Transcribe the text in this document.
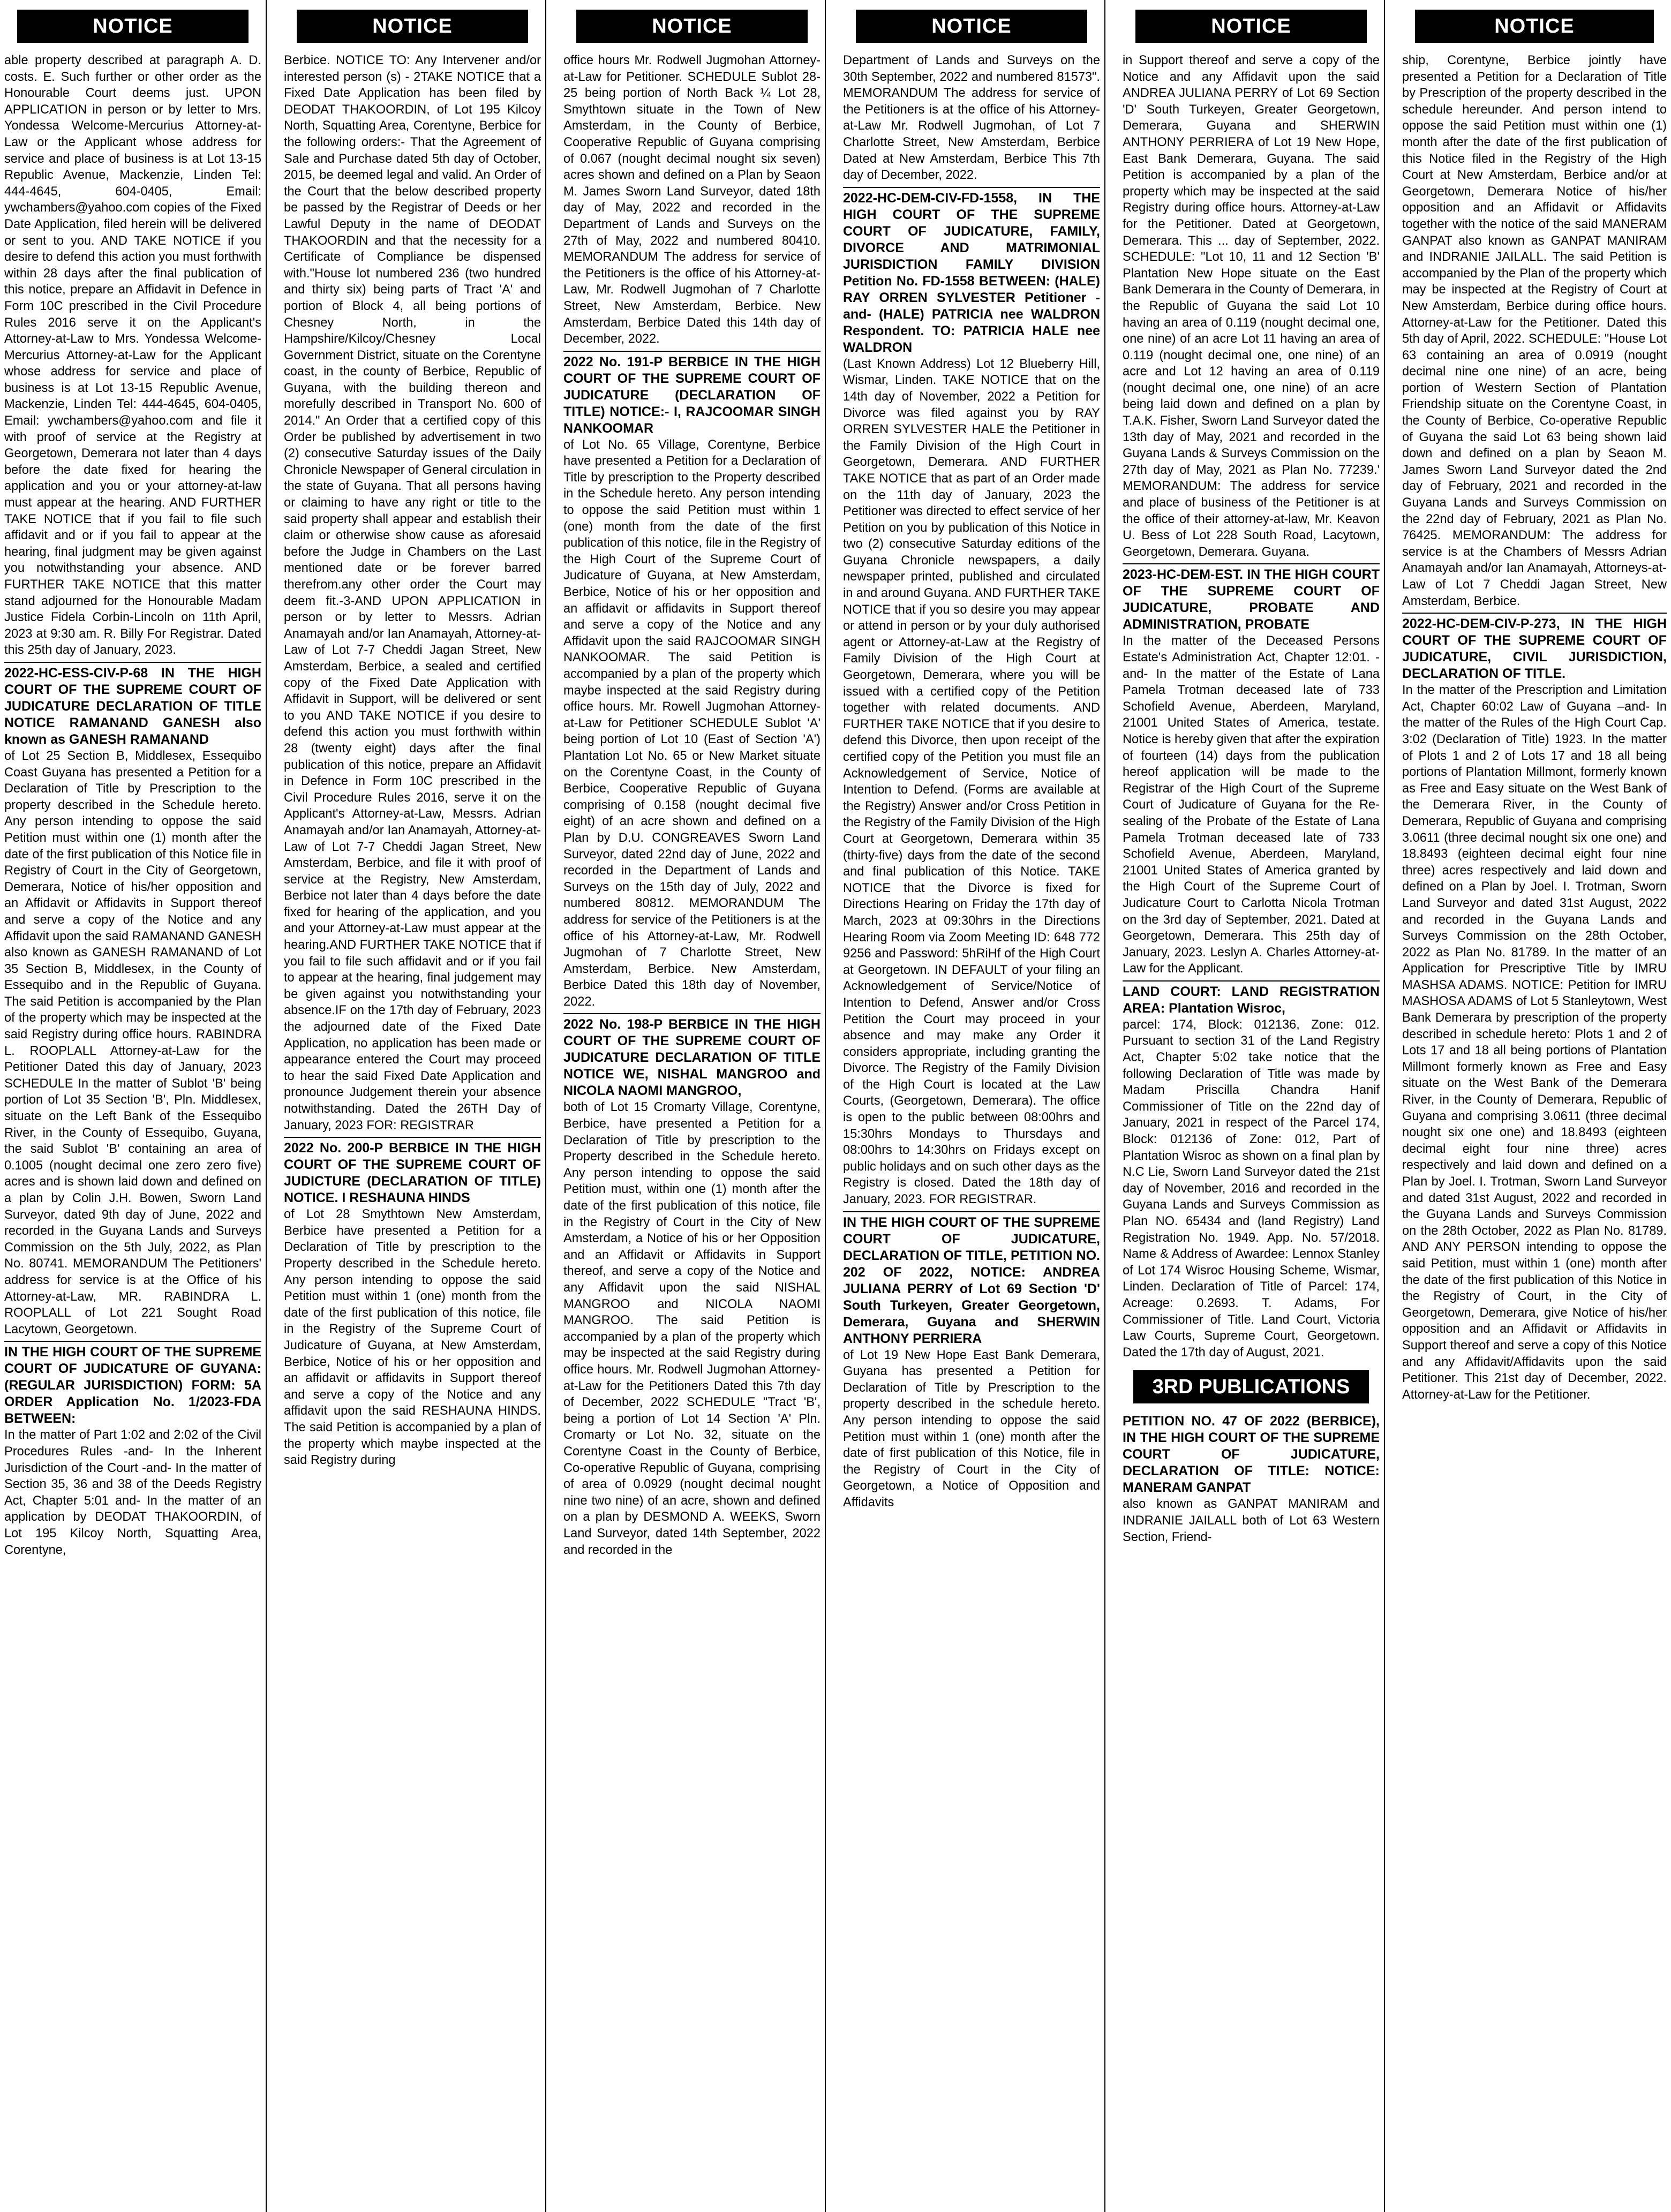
NOTICE

able property described at paragraph A. D. costs. E. Such further or other order as the Honourable Court deems just. UPON APPLICATION in person or by letter to Mrs. Yondessa Welcome-Mercurius Attorney-at-Law or the Applicant whose address for service and place of business is at Lot 13-15 Republic Avenue, Mackenzie, Linden Tel: 444-4645, 604-0405, Email: ywchambers@yahoo.com copies of the Fixed Date Application, filed herein will be delivered or sent to you. AND TAKE NOTICE if you desire to defend this action you must forthwith within 28 days after the final publication of this notice, prepare an Affidavit in Defence in Form 10C prescribed in the Civil Procedure Rules 2016 serve it on the Applicant's Attorney-at-Law to Mrs. Yondessa Welcome-Mercurius Attorney-at-Law for the Applicant whose address for service and place of business is at Lot 13-15 Republic Avenue, Mackenzie, Linden Tel: 444-4645, 604-0405, Email: ywchambers@yahoo.com and file it with proof of service at the Registry at Georgetown, Demerara not later than 4 days before the date fixed for hearing the application and you or your attorney-at-law must appear at the hearing. AND FURTHER TAKE NOTICE that if you fail to file such affidavit and or if you fail to appear at the hearing, final judgment may be given against you notwithstanding your absence. AND FURTHER TAKE NOTICE that this matter stand adjourned for the Honourable Madam Justice Fidela Corbin-Lincoln on 11th April, 2023 at 9:30 am. R. Billy For Registrar. Dated this 25th day of January, 2023.

2022-HC-ESS-CIV-P-68 IN THE HIGH COURT OF THE SUPREME COURT OF JUDICATURE DECLARATION OF TITLE NOTICE RAMANAND GANESH also known as GANESH RAMANAND

of Lot 25 Section B, Middlesex, Essequibo Coast Guyana has presented a Petition for a Declaration of Title by Prescription to the property described in the Schedule hereto. Any person intending to oppose the said Petition must within one (1) month after the date of the first publication of this Notice file in Registry of Court in the City of Georgetown, Demerara, Notice of his/her opposition and an Affidavit or Affidavits in Support thereof and serve a copy of the Notice and any Affidavit upon the said RAMANAND GANESH also known as GANESH RAMANAND of Lot 35 Section B, Middlesex, in the County of Essequibo and in the Republic of Guyana. The said Petition is accompanied by the Plan of the property which may be inspected at the said Registry during office hours. RABINDRA L. ROOPLALL Attorney-at-Law for the Petitioner Dated this day of January, 2023 SCHEDULE In the matter of Sublot 'B' being portion of Lot 35 Section 'B', Pln. Middlesex, situate on the Left Bank of the Essequibo River, in the County of Essequibo, Guyana, the said Sublot 'B' containing an area of 0.1005 (nought decimal one zero zero five) acres and is shown laid down and defined on a plan by Colin J.H. Bowen, Sworn Land Surveyor, dated 9th day of June, 2022 and recorded in the Guyana Lands and Surveys Commission on the 5th July, 2022, as Plan No. 80741. MEMORANDUM The Petitioners' address for service is at the Office of his Attorney-at-Law, MR. RABINDRA L. ROOPLALL of Lot 221 Sought Road Lacytown, Georgetown.

IN THE HIGH COURT OF THE SUPREME COURT OF JUDICATURE OF GUYANA: (REGULAR JURISDICTION) FORM: 5A ORDER Application No. 1/2023-FDA BETWEEN:

In the matter of Part 1:02 and 2:02 of the Civil Procedures Rules -and- In the Inherent Jurisdiction of the Court -and- In the matter of Section 35, 36 and 38 of the Deeds Registry Act, Chapter 5:01 and- In the matter of an application by DEODAT THAKOORDIN, of Lot 195 Kilcoy North, Squatting Area, Corentyne,

NOTICE

Berbice. NOTICE TO: Any Intervener and/or interested person (s) - 2TAKE NOTICE that a Fixed Date Application has been filed by DEODAT THAKOORDIN, of Lot 195 Kilcoy North, Squatting Area, Corentyne, Berbice for the following orders:- That the Agreement of Sale and Purchase dated 5th day of October, 2015, be deemed legal and valid. An Order of the Court that the below described property be passed by the Registrar of Deeds or her Lawful Deputy in the name of DEODAT THAKOORDIN and that the necessity for a Certificate of Compliance be dispensed with."House lot numbered 236 (two hundred and thirty six) being parts of Tract 'A' and portion of Block 4, all being portions of Chesney North, in the Hampshire/Kilcoy/Chesney Local Government District, situate on the Corentyne coast, in the county of Berbice, Republic of Guyana, with the building thereon and morefully described in Transport No. 600 of 2014." An Order that a certified copy of this Order be published by advertisement in two (2) consecutive Saturday issues of the Daily Chronicle Newspaper of General circulation in the state of Guyana. That all persons having or claiming to have any right or title to the said property shall appear and establish their claim or otherwise show cause as aforesaid before the Judge in Chambers on the Last mentioned date or be forever barred therefrom.any other order the Court may deem fit.-3-AND UPON APPLICATION in person or by letter to Messrs. Adrian Anamayah and/or Ian Anamayah, Attorney-at-Law of Lot 7-7 Cheddi Jagan Street, New Amsterdam, Berbice, a sealed and certified copy of the Fixed Date Application with Affidavit in Support, will be delivered or sent to you AND TAKE NOTICE if you desire to defend this action you must forthwith within 28 (twenty eight) days after the final publication of this notice, prepare an Affidavit in Defence in Form 10C prescribed in the Civil Procedure Rules 2016, serve it on the Applicant's Attorney-at-Law, Messrs. Adrian Anamayah and/or Ian Anamayah, Attorney-at-Law of Lot 7-7 Cheddi Jagan Street, New Amsterdam, Berbice, and file it with proof of service at the Registry, New Amsterdam, Berbice not later than 4 days before the date fixed for hearing of the application, and you and your Attorney-at-Law must appear at the hearing.AND FURTHER TAKE NOTICE that if you fail to file such affidavit and or if you fail to appear at the hearing, final judgement may be given against you notwithstanding your absence.IF on the 17th day of February, 2023 the adjourned date of the Fixed Date Application, no application has been made or appearance entered the Court may proceed to hear the said Fixed Date Application and pronounce Judgement therein your absence notwithstanding. Dated the 26TH Day of January, 2023 FOR: REGISTRAR

2022 No. 200-P BERBICE IN THE HIGH COURT OF THE SUPREME COURT OF JUDICTURE (DECLARATION OF TITLE) NOTICE. I RESHAUNA HINDS

of Lot 28 Smythtown New Amsterdam, Berbice have presented a Petition for a Declaration of Title by prescription to the Property described in the Schedule hereto. Any person intending to oppose the said Petition must within 1 (one) month from the date of the first publication of this notice, file in the Registry of the Supreme Court of Judicature of Guyana, at New Amsterdam, Berbice, Notice of his or her opposition and an affidavit or affidavits in Support thereof and serve a copy of the Notice and any affidavit upon the said RESHAUNA HINDS. The said Petition is accompanied by a plan of the property which maybe inspected at the said Registry during

NOTICE

office hours Mr. Rodwell Jugmohan Attorney-at-Law for Petitioner. SCHEDULE Sublot 28-25 being portion of North Back ¼ Lot 28, Smythtown situate in the Town of New Amsterdam, in the County of Berbice, Cooperative Republic of Guyana comprising of 0.067 (nought decimal nought six seven) acres shown and defined on a Plan by Seaon M. James Sworn Land Surveyor, dated 18th day of May, 2022 and recorded in the Department of Lands and Surveys on the 27th of May, 2022 and numbered 80410. MEMORANDUM The address for service of the Petitioners is the office of his Attorney-at-Law, Mr. Rodwell Jugmohan of 7 Charlotte Street, New Amsterdam, Berbice. New Amsterdam, Berbice Dated this 14th day of December, 2022.

2022 No. 191-P BERBICE IN THE HIGH COURT OF THE SUPREME COURT OF JUDICATURE (DECLARATION OF TITLE) NOTICE:- I, RAJCOOMAR SINGH NANKOOMAR

of Lot No. 65 Village, Corentyne, Berbice have presented a Petition for a Declaration of Title by prescription to the Property described in the Schedule hereto. Any person intending to oppose the said Petition must within 1 (one) month from the date of the first publication of this notice, file in the Registry of the High Court of the Supreme Court of Judicature of Guyana, at New Amsterdam, Berbice, Notice of his or her opposition and an affidavit or affidavits in Support thereof and serve a copy of the Notice and any Affidavit upon the said RAJCOOMAR SINGH NANKOOMAR. The said Petition is accompanied by a plan of the property which maybe inspected at the said Registry during office hours. Mr. Rowell Jugmohan Attorney-at-Law for Petitioner SCHEDULE Sublot 'A' being portion of Lot 10 (East of Section 'A') Plantation Lot No. 65 or New Market situate on the Corentyne Coast, in the County of Berbice, Cooperative Republic of Guyana comprising of 0.158 (nought decimal five eight) of an acre shown and defined on a Plan by D.U. CONGREAVES Sworn Land Surveyor, dated 22nd day of June, 2022 and recorded in the Department of Lands and Surveys on the 15th day of July, 2022 and numbered 80812. MEMORANDUM The address for service of the Petitioners is at the office of his Attorney-at-Law, Mr. Rodwell Jugmohan of 7 Charlotte Street, New Amsterdam, Berbice. New Amsterdam, Berbice Dated this 18th day of November, 2022.

2022 No. 198-P BERBICE IN THE HIGH COURT OF THE SUPREME COURT OF JUDICATURE DECLARATION OF TITLE NOTICE WE, NISHAL MANGROO and NICOLA NAOMI MANGROO,

both of Lot 15 Cromarty Village, Corentyne, Berbice, have presented a Petition for a Declaration of Title by prescription to the Property described in the Schedule hereto. Any person intending to oppose the said Petition must, within one (1) month after the date of the first publication of this notice, file in the Registry of Court in the City of New Amsterdam, a Notice of his or her Opposition and an Affidavit or Affidavits in Support thereof, and serve a copy of the Notice and any Affidavit upon the said NISHAL MANGROO and NICOLA NAOMI MANGROO. The said Petition is accompanied by a plan of the property which may be inspected at the said Registry during office hours. Mr. Rodwell Jugmohan Attorney-at-Law for the Petitioners Dated this 7th day of December, 2022 SCHEDULE "Tract 'B', being a portion of Lot 14 Section 'A' Pln. Cromarty or Lot No. 32, situate on the Corentyne Coast in the County of Berbice, Co-operative Republic of Guyana, comprising of area of 0.0929 (nought decimal nought nine two nine) of an acre, shown and defined on a plan by DESMOND A. WEEKS, Sworn Land Surveyor, dated 14th September, 2022 and recorded in the

NOTICE

Department of Lands and Surveys on the 30th September, 2022 and numbered 81573". MEMORANDUM The address for service of the Petitioners is at the office of his Attorney-at-Law Mr. Rodwell Jugmohan, of Lot 7 Charlotte Street, New Amsterdam, Berbice Dated at New Amsterdam, Berbice This 7th day of December, 2022.

2022-HC-DEM-CIV-FD-1558, IN THE HIGH COURT OF THE SUPREME COURT OF JUDICATURE, FAMILY, DIVORCE AND MATRIMONIAL JURISDICTION FAMILY DIVISION Petition No. FD-1558 BETWEEN: (HALE) RAY ORREN SYLVESTER Petitioner -and- (HALE) PATRICIA nee WALDRON Respondent. TO: PATRICIA HALE nee WALDRON

(Last Known Address) Lot 12 Blueberry Hill, Wismar, Linden. TAKE NOTICE that on the 14th day of November, 2022 a Petition for Divorce was filed against you by RAY ORREN SYLVESTER HALE the Petitioner in the Family Division of the High Court in Georgetown, Demerara. AND FURTHER TAKE NOTICE that as part of an Order made on the 11th day of January, 2023 the Petitioner was directed to effect service of her Petition on you by publication of this Notice in two (2) consecutive Saturday editions of the Guyana Chronicle newspapers, a daily newspaper printed, published and circulated in and around Guyana. AND FURTHER TAKE NOTICE that if you so desire you may appear or attend in person or by your duly authorised agent or Attorney-at-Law at the Registry of Family Division of the High Court at Georgetown, Demerara, where you will be issued with a certified copy of the Petition together with related documents. AND FURTHER TAKE NOTICE that if you desire to defend this Divorce, then upon receipt of the certified copy of the Petition you must file an Acknowledgement of Service, Notice of Intention to Defend. (Forms are available at the Registry) Answer and/or Cross Petition in the Registry of the Family Division of the High Court at Georgetown, Demerara within 35 (thirty-five) days from the date of the second and final publication of this Notice. TAKE NOTICE that the Divorce is fixed for Directions Hearing on Friday the 17th day of March, 2023 at 09:30hrs in the Directions Hearing Room via Zoom Meeting ID: 648 772 9256 and Password: 5hRiHf of the High Court at Georgetown. IN DEFAULT of your filing an Acknowledgement of Service/Notice of Intention to Defend, Answer and/or Cross Petition the Court may proceed in your absence and may make any Order it considers appropriate, including granting the Divorce. The Registry of the Family Division of the High Court is located at the Law Courts, (Georgetown, Demerara). The office is open to the public between 08:00hrs and 15:30hrs Mondays to Thursdays and 08:00hrs to 14:30hrs on Fridays except on public holidays and on such other days as the Registry is closed. Dated the 18th day of January, 2023. FOR REGISTRAR.

IN THE HIGH COURT OF THE SUPREME COURT OF JUDICATURE, DECLARATION OF TITLE, PETITION NO. 202 OF 2022, NOTICE: ANDREA JULIANA PERRY of Lot 69 Section 'D' South Turkeyen, Greater Georgetown, Demerara, Guyana and SHERWIN ANTHONY PERRIERA

of Lot 19 New Hope East Bank Demerara, Guyana has presented a Petition for Declaration of Title by Prescription to the property described in the schedule hereto. Any person intending to oppose the said Petition must within 1 (one) month after the date of first publication of this Notice, file in the Registry of Court in the City of Georgetown, a Notice of Opposition and Affidavits

NOTICE

in Support thereof and serve a copy of the Notice and any Affidavit upon the said ANDREA JULIANA PERRY of Lot 69 Section 'D' South Turkeyen, Greater Georgetown, Demerara, Guyana and SHERWIN ANTHONY PERRIERA of Lot 19 New Hope, East Bank Demerara, Guyana. The said Petition is accompanied by a plan of the property which may be inspected at the said Registry during office hours. Attorney-at-Law for the Petitioner. Dated at Georgetown, Demerara. This ... day of September, 2022. SCHEDULE: "Lot 10, 11 and 12 Section 'B' Plantation New Hope situate on the East Bank Demerara in the County of Demerara, in the Republic of Guyana the said Lot 10 having an area of 0.119 (nought decimal one, one nine) of an acre Lot 11 having an area of 0.119 (nought decimal one, one nine) of an acre and Lot 12 having an area of 0.119 (nought decimal one, one nine) of an acre being laid down and defined on a plan by T.A.K. Fisher, Sworn Land Surveyor dated the 13th day of May, 2021 and recorded in the Guyana Lands & Surveys Commission on the 27th day of May, 2021 as Plan No. 77239.' MEMORANDUM: The address for service and place of business of the Petitioner is at the office of their attorney-at-law, Mr. Keavon U. Bess of Lot 228 South Road, Lacytown, Georgetown, Demerara. Guyana.

2023-HC-DEM-EST. IN THE HIGH COURT OF THE SUPREME COURT OF JUDICATURE, PROBATE AND ADMINISTRATION, PROBATE

In the matter of the Deceased Persons Estate's Administration Act, Chapter 12:01. -and- In the matter of the Estate of Lana Pamela Trotman deceased late of 733 Schofield Avenue, Aberdeen, Maryland, 21001 United States of America, testate. Notice is hereby given that after the expiration of fourteen (14) days from the publication hereof application will be made to the Registrar of the High Court of the Supreme Court of Judicature of Guyana for the Re-sealing of the Probate of the Estate of Lana Pamela Trotman deceased late of 733 Schofield Avenue, Aberdeen, Maryland, 21001 United States of America granted by the High Court of the Supreme Court of Judicature Court to Carlotta Nicola Trotman on the 3rd day of September, 2021. Dated at Georgetown, Demerara. This 25th day of January, 2023. Leslyn A. Charles Attorney-at-Law for the Applicant.

LAND COURT: LAND REGISTRATION AREA: Plantation Wisroc,

parcel: 174, Block: 012136, Zone: 012. Pursuant to section 31 of the Land Registry Act, Chapter 5:02 take notice that the following Declaration of Title was made by Madam Priscilla Chandra Hanif Commissioner of Title on the 22nd day of January, 2021 in respect of the Parcel 174, Block: 012136 of Zone: 012, Part of Plantation Wisroc as shown on a final plan by N.C Lie, Sworn Land Surveyor dated the 21st day of November, 2016 and recorded in the Guyana Lands and Surveys Commission as Plan NO. 65434 and (land Registry) Land Registration No. 1949. App. No. 57/2018. Name & Address of Awardee: Lennox Stanley of Lot 174 Wisroc Housing Scheme, Wismar, Linden. Declaration of Title of Parcel: 174, Acreage: 0.2693. T. Adams, For Commissioner of Title. Land Court, Victoria Law Courts, Supreme Court, Georgetown. Dated the 17th day of August, 2021.

3RD PUBLICATIONS

PETITION NO. 47 OF 2022 (BERBICE), IN THE HIGH COURT OF THE SUPREME COURT OF JUDICATURE, DECLARATION OF TITLE: NOTICE: MANERAM GANPAT

also known as GANPAT MANIRAM and INDRANIE JAILALL both of Lot 63 Western Section, Friend-

NOTICE

ship, Corentyne, Berbice jointly have presented a Petition for a Declaration of Title by Prescription of the property described in the schedule hereunder. And person intend to oppose the said Petition must within one (1) month after the date of the first publication of this Notice filed in the Registry of the High Court at New Amsterdam, Berbice and/or at Georgetown, Demerara Notice of his/her opposition and an Affidavit or Affidavits together with the notice of the said MANERAM GANPAT also known as GANPAT MANIRAM and INDRANIE JAILALL. The said Petition is accompanied by the Plan of the property which may be inspected at the Registry of Court at New Amsterdam, Berbice during office hours. Attorney-at-Law for the Petitioner. Dated this 5th day of April, 2022. SCHEDULE: "House Lot 63 containing an area of 0.0919 (nought decimal nine one nine) of an acre, being portion of Western Section of Plantation Friendship situate on the Corentyne Coast, in the County of Berbice, Co-operative Republic of Guyana the said Lot 63 being shown laid down and defined on a plan by Seaon M. James Sworn Land Surveyor dated the 2nd day of February, 2021 and recorded in the Guyana Lands and Surveys Commission on the 22nd day of February, 2021 as Plan No. 76425. MEMORANDUM: The address for service is at the Chambers of Messrs Adrian Anamayah and/or Ian Anamayah, Attorneys-at-Law of Lot 7 Cheddi Jagan Street, New Amsterdam, Berbice.

2022-HC-DEM-CIV-P-273, IN THE HIGH COURT OF THE SUPREME COURT OF JUDICATURE, CIVIL JURISDICTION, DECLARATION OF TITLE.

In the matter of the Prescription and Limitation Act, Chapter 60:02 Law of Guyana –and- In the matter of the Rules of the High Court Cap. 3:02 (Declaration of Title) 1923. In the matter of Plots 1 and 2 of Lots 17 and 18 all being portions of Plantation Millmont, formerly known as Free and Easy situate on the West Bank of the Demerara River, in the County of Demerara, Republic of Guyana and comprising 3.0611 (three decimal nought six one one) and 18.8493 (eighteen decimal eight four nine three) acres respectively and laid down and defined on a Plan by Joel. I. Trotman, Sworn Land Surveyor and dated 31st August, 2022 and recorded in the Guyana Lands and Surveys Commission on the 28th October, 2022 as Plan No. 81789. In the matter of an Application for Prescriptive Title by IMRU MASHSA ADAMS. NOTICE: Petition for IMRU MASHOSA ADAMS of Lot 5 Stanleytown, West Bank Demerara by prescription of the property described in schedule hereto: Plots 1 and 2 of Lots 17 and 18 all being portions of Plantation Millmont formerly known as Free and Easy situate on the West Bank of the Demerara River, in the County of Demerara, Republic of Guyana and comprising 3.0611 (three decimal nought six one one) and 18.8493 (eighteen decimal eight four nine three) acres respectively and laid down and defined on a Plan by Joel. I. Trotman, Sworn Land Surveyor and dated 31st August, 2022 and recorded in the Guyana Lands and Surveys Commission on the 28th October, 2022 as Plan No. 81789. AND ANY PERSON intending to oppose the said Petition, must within 1 (one) month after the date of the first publication of this Notice in the Registry of Court, in the City of Georgetown, Demerara, give Notice of his/her opposition and an Affidavit or Affidavits in Support thereof and serve a copy of this Notice and any Affidavit/Affidavits upon the said Petitioner. This 21st day of December, 2022. Attorney-at-Law for the Petitioner.
